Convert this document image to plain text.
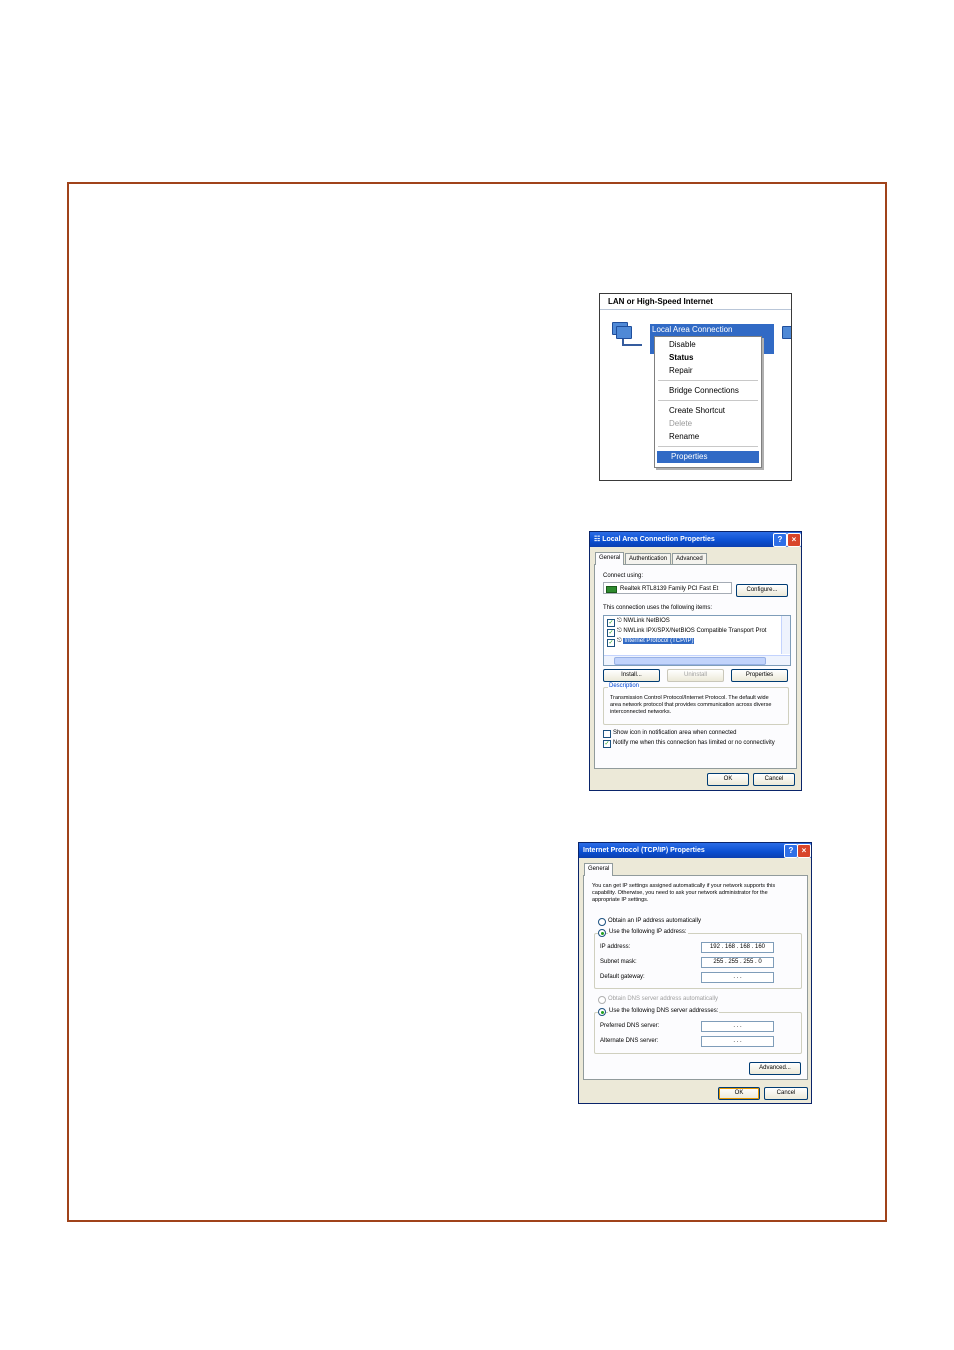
LAN or High-Speed Internet
Local Area Connection
Disable
Status
Repair
Bridge Connections
Create Shortcut
Delete
Rename
Properties
☷ Local Area Connection Properties	?	×
General	Authentication	Advanced
Connect using:
Realtek RTL8139 Family PCI Fast Et	Configure...
This connection uses the following items:
✓ ⎋ NWLink NetBIOS
✓ ⎋ NWLink IPX/SPX/NetBIOS Compatible Transport Prot
✓ ⎋ Internet Protocol (TCP/IP)
Install...	Uninstall	Properties
Description
Transmission Control Protocol/Internet Protocol. The default wide area network protocol that provides communication across diverse interconnected networks.
Show icon in notification area when connected
✓ Notify me when this connection has limited or no connectivity
OK	Cancel
Internet Protocol (TCP/IP) Properties	?	×
General
You can get IP settings assigned automatically if your network supports this capability. Otherwise, you need to ask your network administrator for the appropriate IP settings.
Obtain an IP address automatically
Use the following IP address:
IP address:	192 . 168 . 168 . 160
Subnet mask:	255 . 255 . 255 . 0
Default gateway:	. . .
Obtain DNS server address automatically
Use the following DNS server addresses:
Preferred DNS server:	. . .
Alternate DNS server:	. . .
Advanced...
OK	Cancel
